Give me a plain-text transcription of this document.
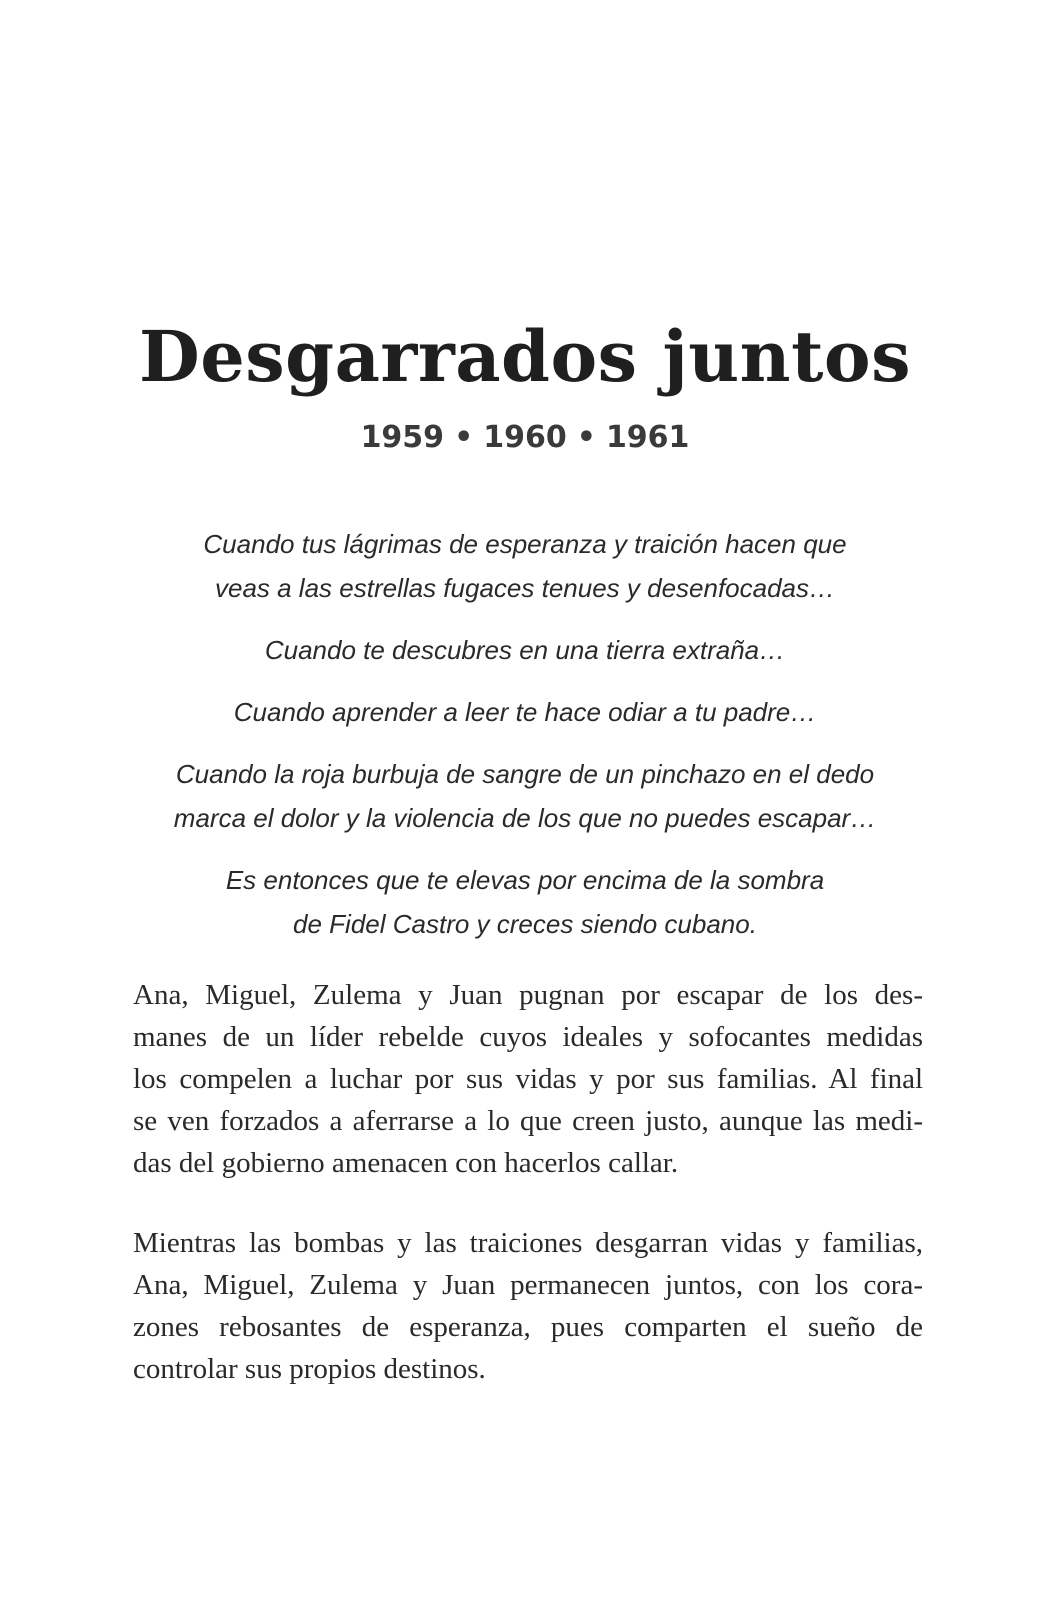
Desgarrados juntos
1959 • 1960 • 1961

Cuando tus lágrimas de esperanza y traición hacen que
veas a las estrellas fugaces tenues y desenfocadas…

Cuando te descubres en una tierra extraña…

Cuando aprender a leer te hace odiar a tu padre…

Cuando la roja burbuja de sangre de un pinchazo en el dedo
marca el dolor y la violencia de los que no puedes escapar…

Es entonces que te elevas por encima de la sombra
de Fidel Castro y creces siendo cubano.

Ana, Miguel, Zulema y Juan pugnan por escapar de los des-
manes de un líder rebelde cuyos ideales y sofocantes medidas
los compelen a luchar por sus vidas y por sus familias. Al final
se ven forzados a aferrarse a lo que creen justo, aunque las medi-
das del gobierno amenacen con hacerlos callar.

Mientras las bombas y las traiciones desgarran vidas y familias,
Ana, Miguel, Zulema y Juan permanecen juntos, con los cora-
zones rebosantes de esperanza, pues comparten el sueño de
controlar sus propios destinos.
